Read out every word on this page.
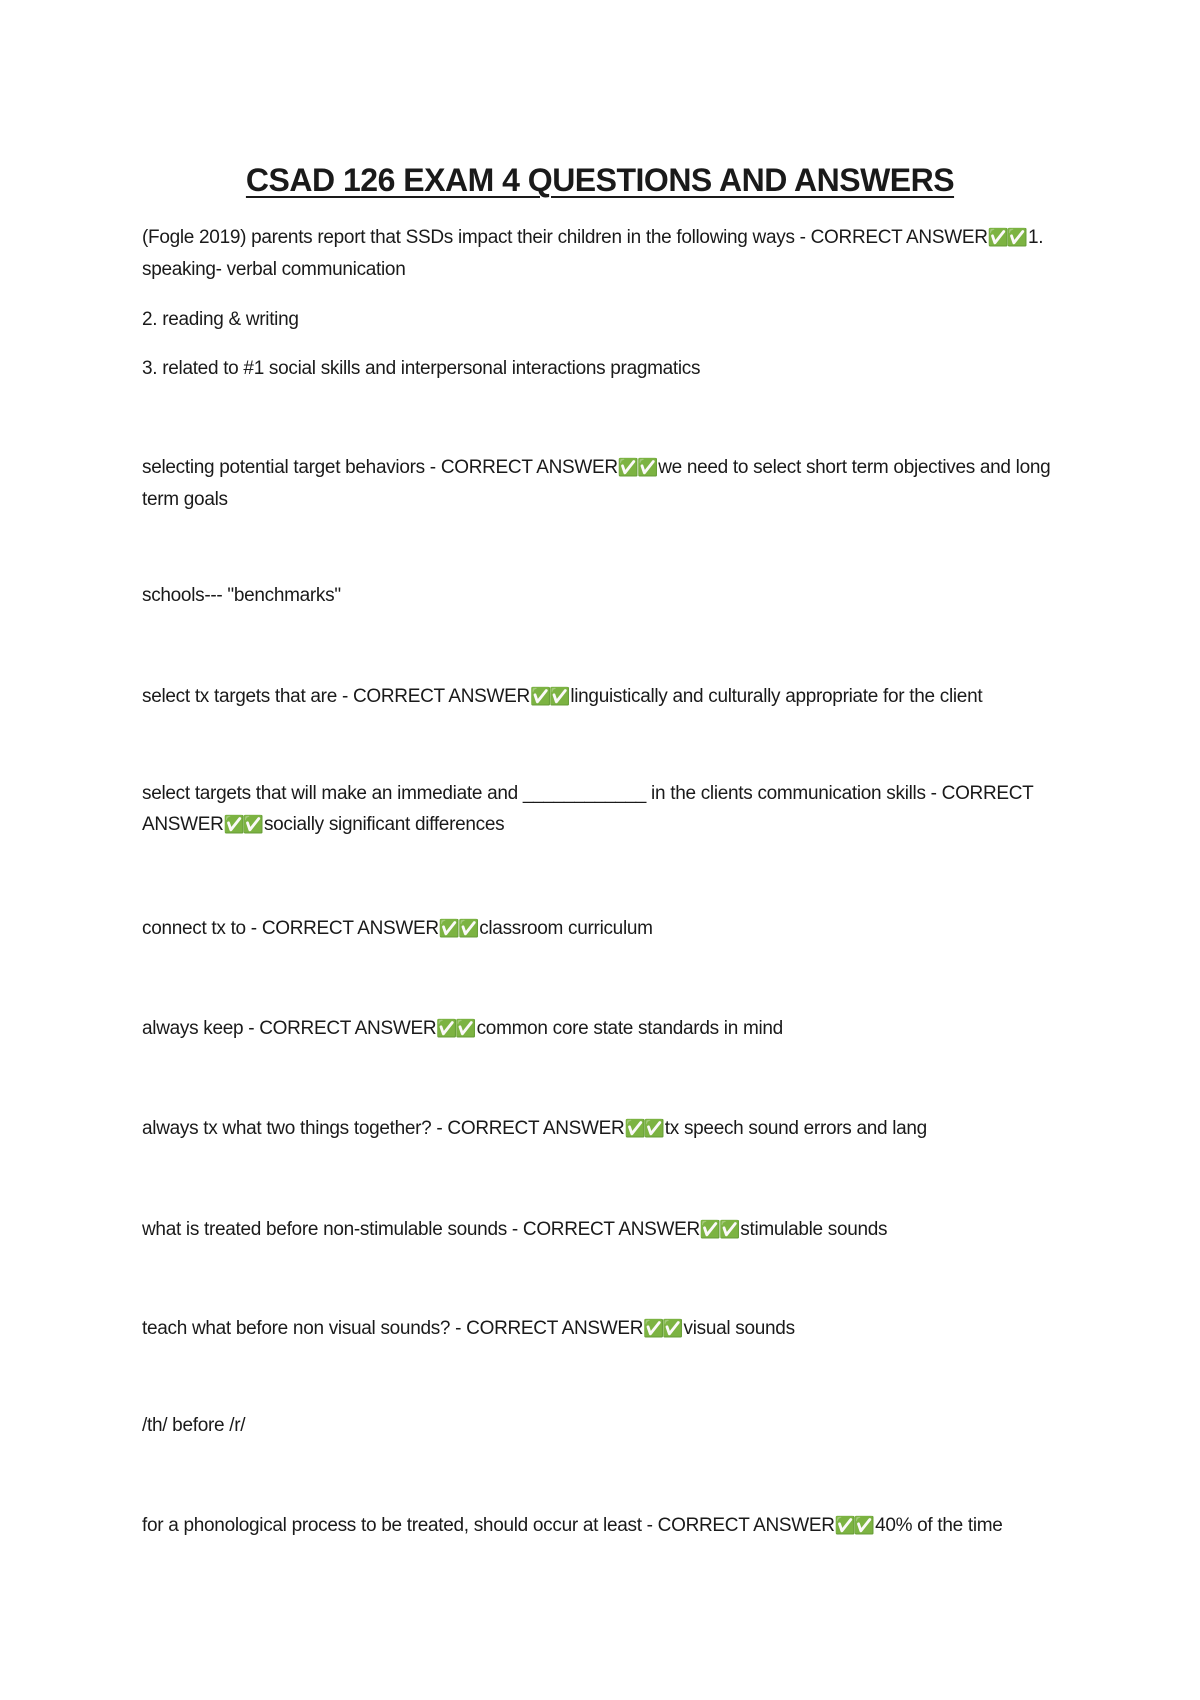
CSAD 126 EXAM 4 QUESTIONS AND ANSWERS

(Fogle 2019) parents report that SSDs impact their children in the following ways - CORRECT ANSWER✅✅ 1. speaking- verbal communication

2. reading & writing

3. related to #1 social skills and interpersonal interactions pragmatics

selecting potential target behaviors - CORRECT ANSWER✅✅ we need to select short term objectives and long term goals

schools--- "benchmarks"

select tx targets that are - CORRECT ANSWER✅✅ linguistically and culturally appropriate for the client

select targets that will make an immediate and ____________ in the clients communication skills - CORRECT ANSWER✅✅ socially significant differences

connect tx to - CORRECT ANSWER✅✅ classroom curriculum

always keep - CORRECT ANSWER✅✅ common core state standards in mind

always tx what two things together? - CORRECT ANSWER✅✅ tx speech sound errors and lang

what is treated before non-stimulable sounds - CORRECT ANSWER✅✅ stimulable sounds

teach what before non visual sounds? - CORRECT ANSWER✅✅ visual sounds

/th/ before /r/

for a phonological process to be treated, should occur at least - CORRECT ANSWER✅✅ 40% of the time
